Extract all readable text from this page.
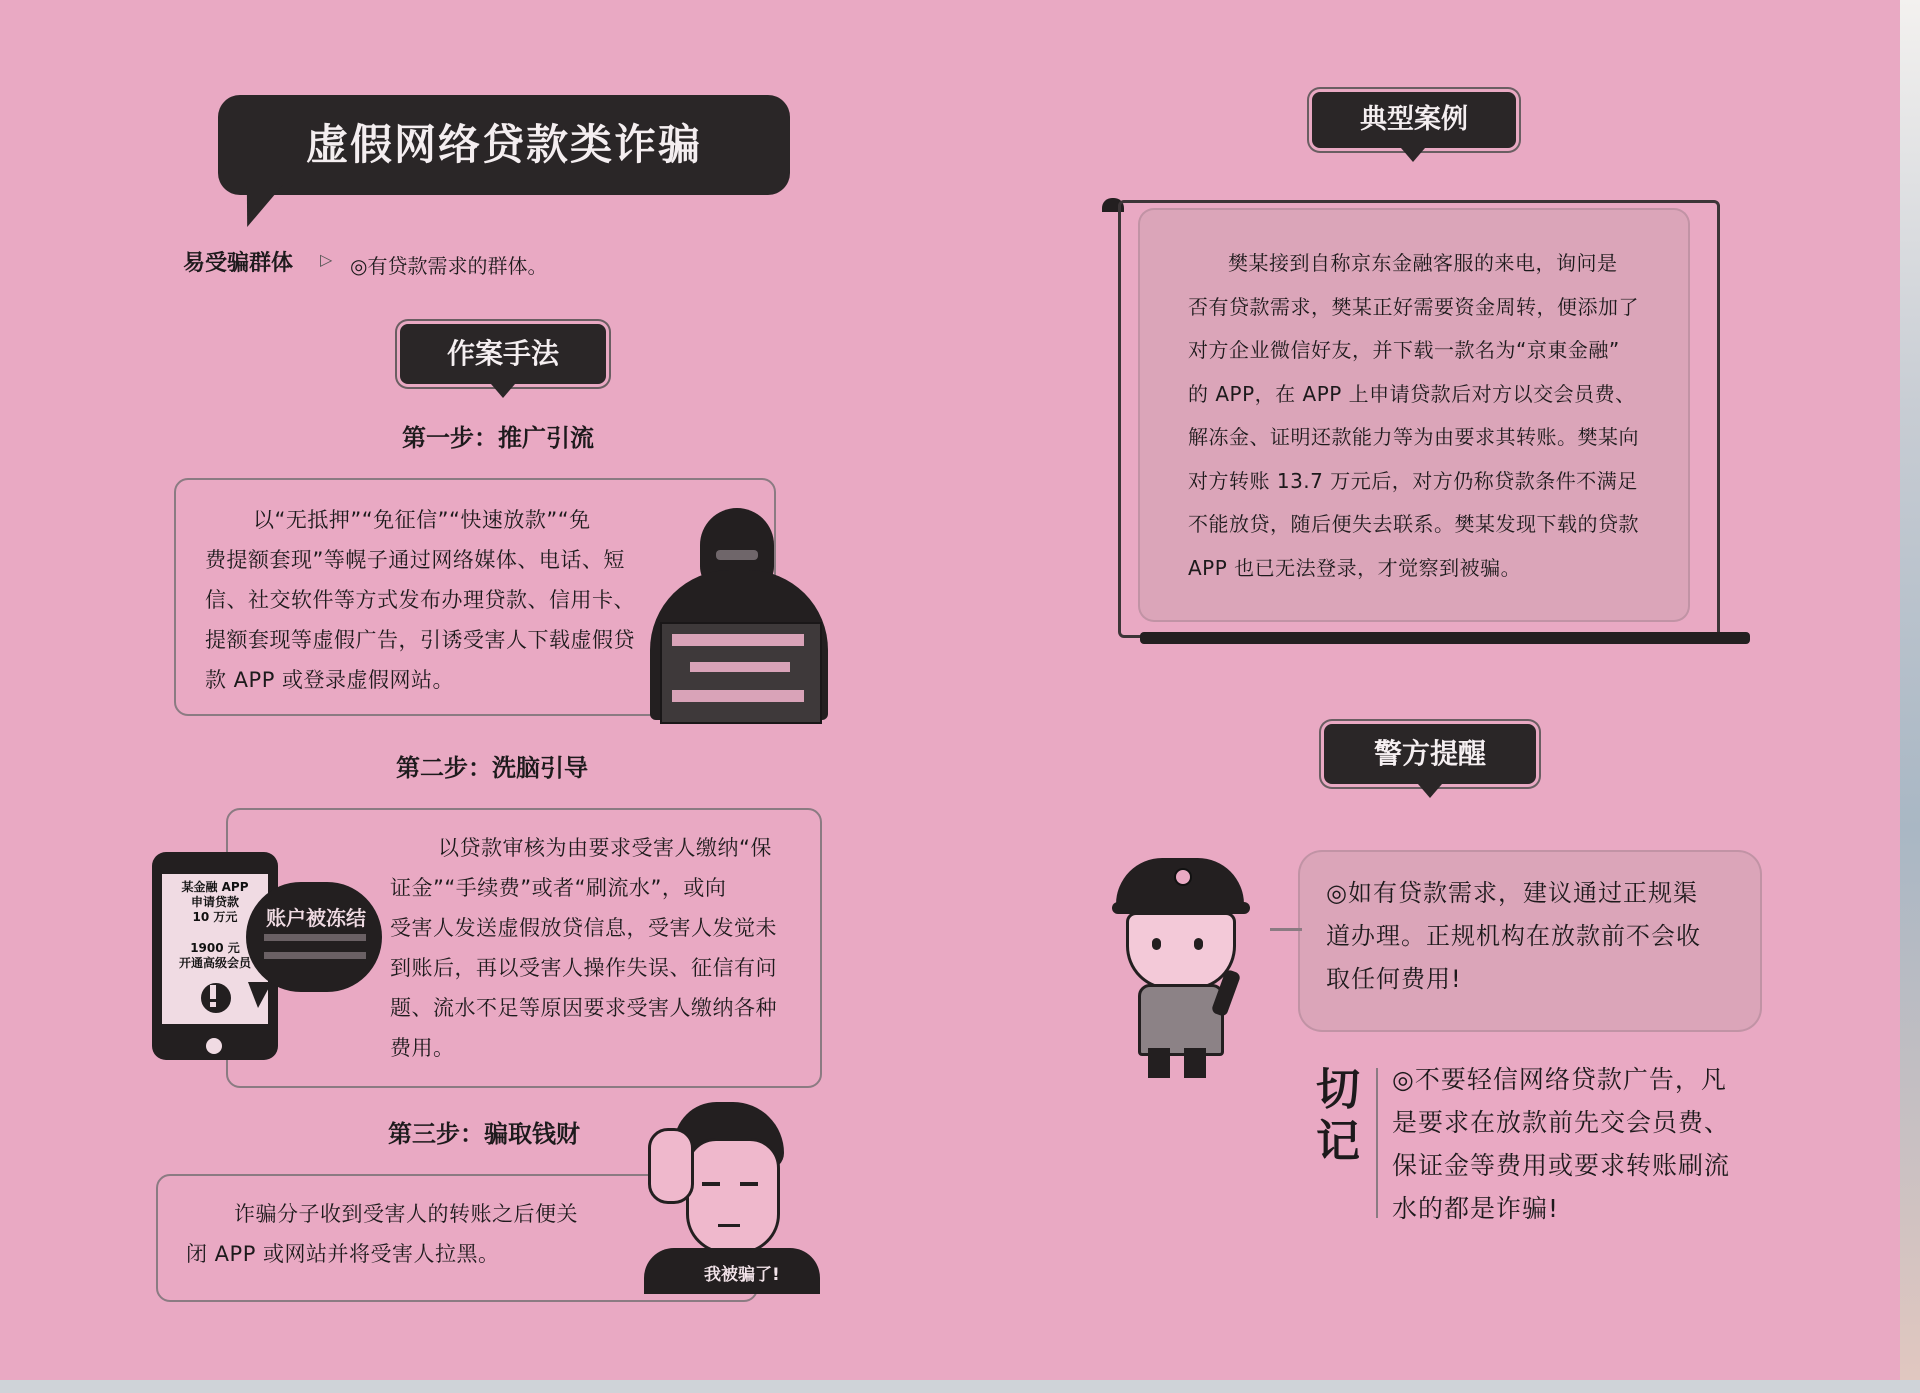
虚假网络贷款类诈骗
易受骗群体 ▷ ◎有贷款需求的群体。
作案手法
第一步：推广引流
以“无抵押”“免征信”“快速放款”“免
费提额套现”等幌子通过网络媒体、电话、短
信、社交软件等方式发布办理贷款、信用卡、
提额套现等虚假广告，引诱受害人下载虚假贷
款 APP 或登录虚假网站。
第二步：洗脑引导
以贷款审核为由要求受害人缴纳“保
证金”“手续费”或者“刷流水”，或向
受害人发送虚假放贷信息，受害人发觉未
到账后，再以受害人操作失误、征信有问
题、流水不足等原因要求受害人缴纳各种
费用。
某金融 APP
申请贷款
10 万元
1900 元
开通高级会员
账户被冻结
第三步：骗取钱财
诈骗分子收到受害人的转账之后便关
闭 APP 或网站并将受害人拉黑。
我被骗了!
典型案例
樊某接到自称京东金融客服的来电，询问是
否有贷款需求，樊某正好需要资金周转，便添加了
对方企业微信好友，并下载一款名为“京東金融”
的 APP，在 APP 上申请贷款后对方以交会员费、
解冻金、证明还款能力等为由要求其转账。樊某向
对方转账 13.7 万元后，对方仍称贷款条件不满足
不能放贷，随后便失去联系。樊某发现下载的贷款
APP 也已无法登录，才觉察到被骗。
警方提醒
◎如有贷款需求，建议通过正规渠
道办理。正规机构在放款前不会收
取任何费用!
切
记
◎不要轻信网络贷款广告，凡
是要求在放款前先交会员费、
保证金等费用或要求转账刷流
水的都是诈骗!
